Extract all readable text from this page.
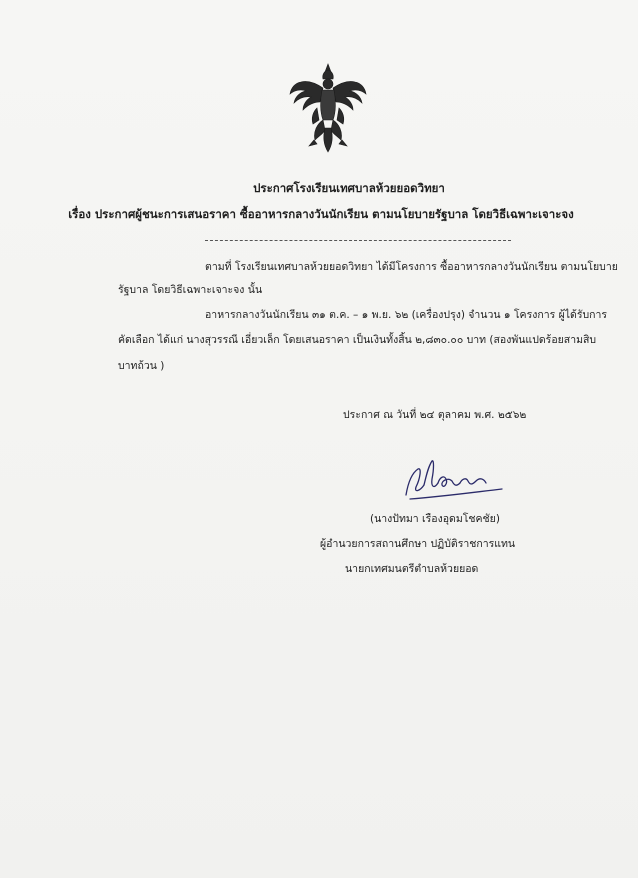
ประกาศโรงเรียนเทศบาลห้วยยอดวิทยา
เรื่อง ประกาศผู้ชนะการเสนอราคา ซื้ออาหารกลางวันนักเรียน ตามนโยบายรัฐบาล โดยวิธีเฉพาะเจาะจง
ตามที่ โรงเรียนเทศบาลห้วยยอดวิทยา ได้มีโครงการ ซื้ออาหารกลางวันนักเรียน ตามนโยบาย
รัฐบาล โดยวิธีเฉพาะเจาะจง นั้น
อาหารกลางวันนักเรียน ๓๑ ต.ค. – ๑ พ.ย. ๖๒ (เครื่องปรุง) จำนวน ๑ โครงการ ผู้ได้รับการ
คัดเลือก ได้แก่ นางสุวรรณี เอี่ยวเล็ก โดยเสนอราคา เป็นเงินทั้งสิ้น ๒,๘๓๐.๐๐ บาท (สองพันแปดร้อยสามสิบ
บาทถ้วน )
ประกาศ ณ วันที่ ๒๔ ตุลาคม พ.ศ. ๒๕๖๒
(นางปัทมา เรืองอุดมโชคชัย)
ผู้อำนวยการสถานศึกษา ปฏิบัติราชการแทน
นายกเทศมนตรีตำบลห้วยยอด
